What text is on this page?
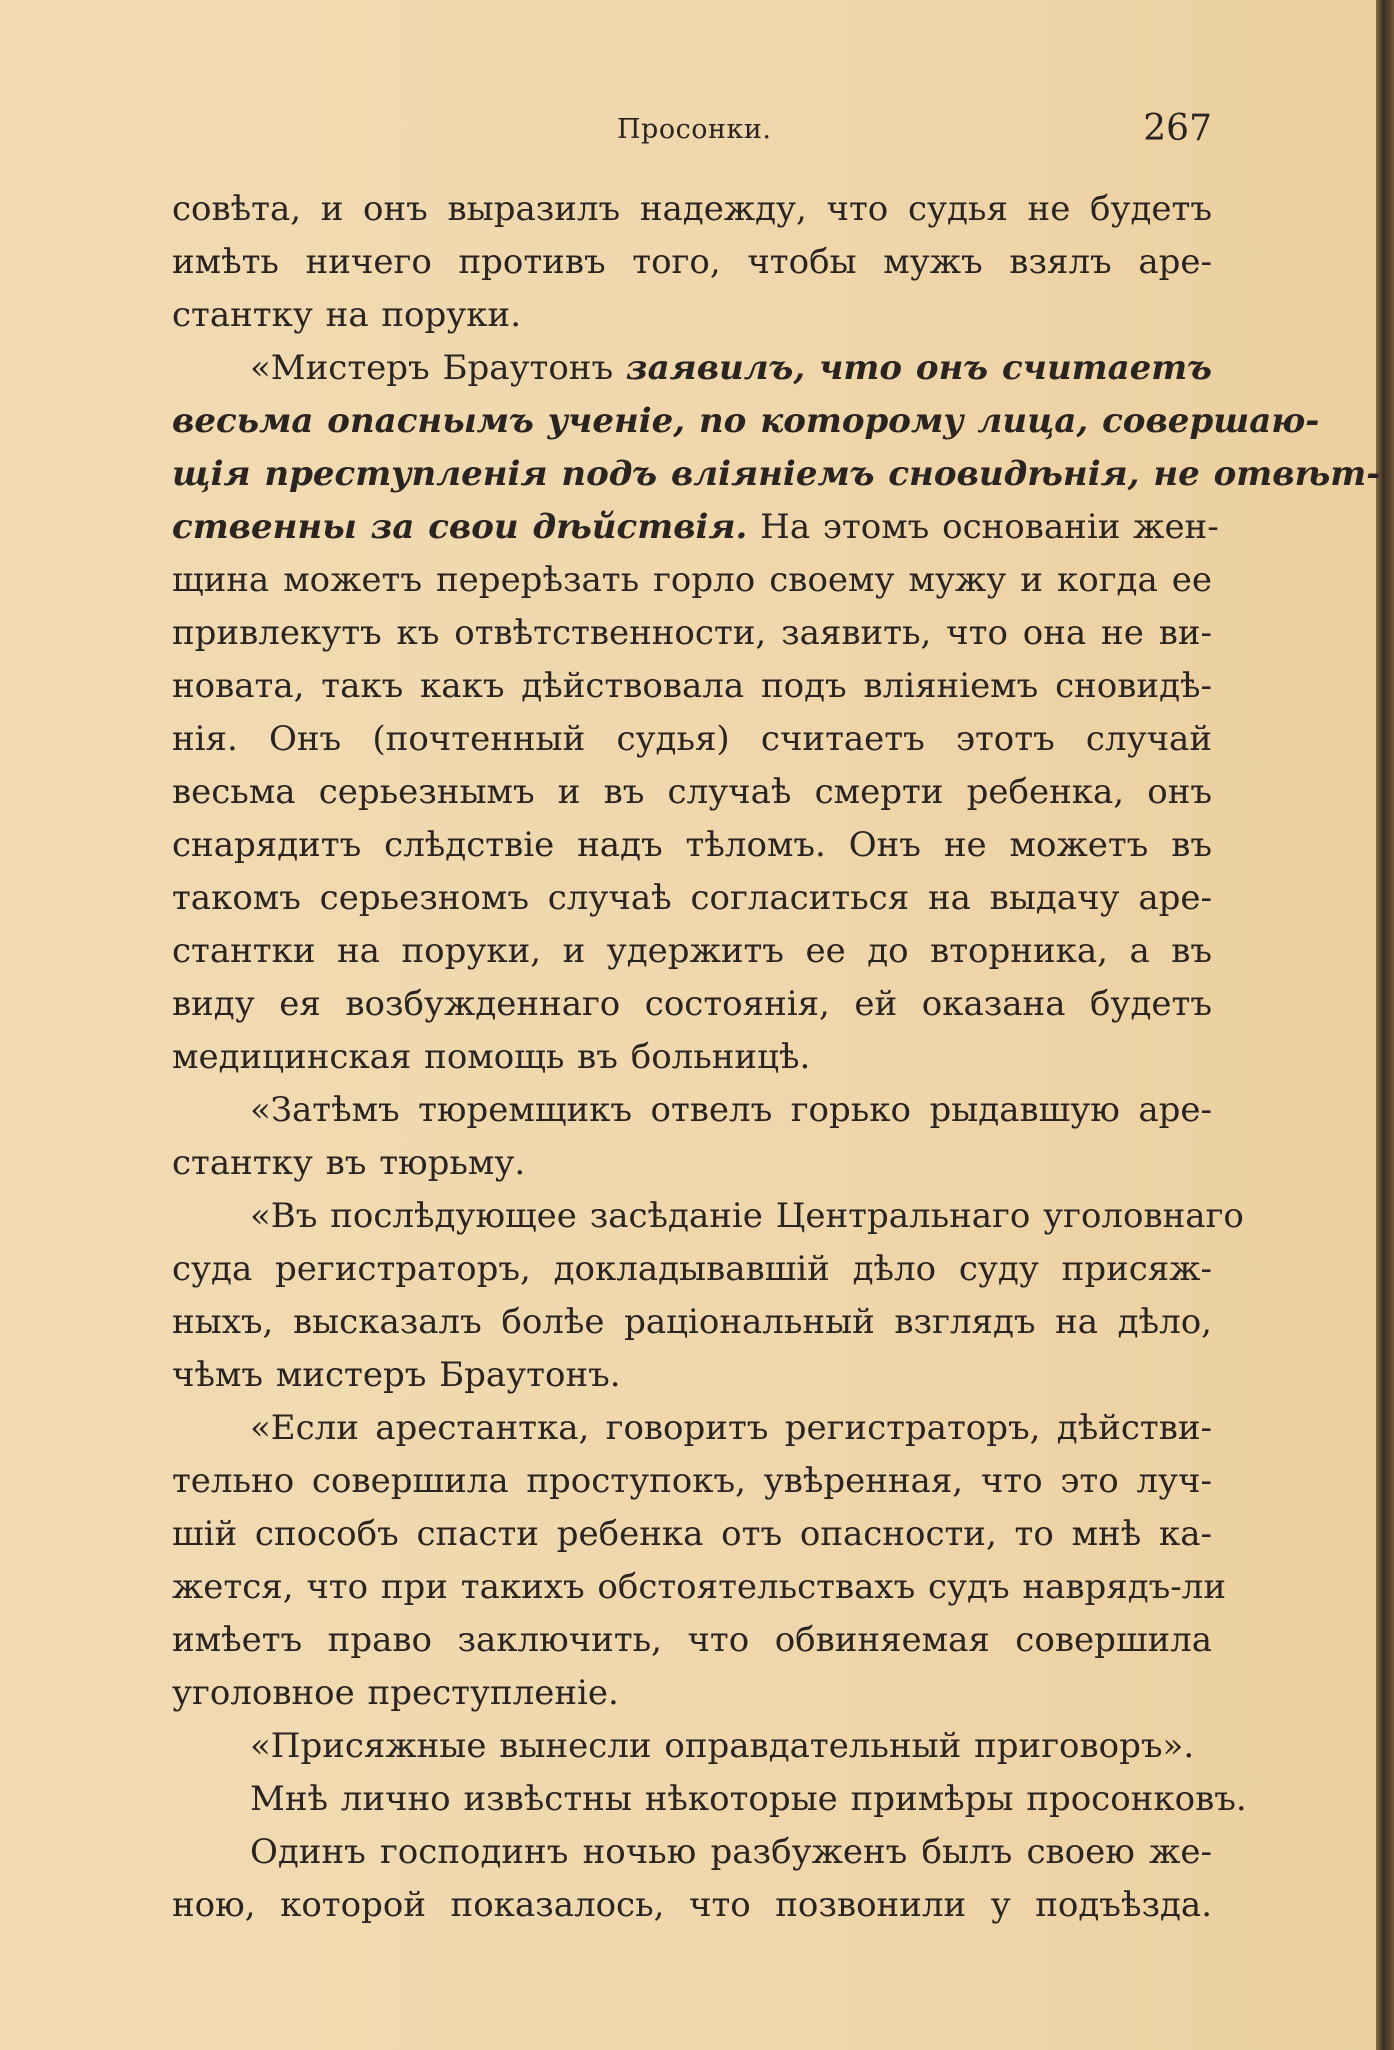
Просонки.	267
совѣта, и онъ выразилъ надежду, что судья не будетъ
имѣть ничего противъ того, чтобы мужъ взялъ аре-
стантку на поруки.
«Мистеръ Браутонъ заявилъ, что онъ считаетъ
весьма опаснымъ ученіе, по которому лица, совершаю-
щія преступленія подъ вліяніемъ сновидѣнія, не отвѣт-
ственны за свои дѣйствія. На этомъ основаніи жен-
щина можетъ перерѣзать горло своему мужу и когда ее
привлекутъ къ отвѣтственности, заявить, что она не ви-
новата, такъ какъ дѣйствовала подъ вліяніемъ сновидѣ-
нія. Онъ (почтенный судья) считаетъ этотъ случай
весьма серьезнымъ и въ случаѣ смерти ребенка, онъ
снарядитъ слѣдствіе надъ тѣломъ. Онъ не можетъ въ
такомъ серьезномъ случаѣ согласиться на выдачу аре-
стантки на поруки, и удержитъ ее до вторника, а въ
виду ея возбужденнаго состоянія, ей оказана будетъ
медицинская помощь въ больницѣ.
«Затѣмъ тюремщикъ отвелъ горько рыдавшую аре-
стантку въ тюрьму.
«Въ послѣдующее засѣданіе Центральнаго уголовнаго
суда регистраторъ, докладывавшій дѣло суду присяж-
ныхъ, высказалъ болѣе раціональный взглядъ на дѣло,
чѣмъ мистеръ Браутонъ.
«Если арестантка, говоритъ регистраторъ, дѣйстви-
тельно совершила проступокъ, увѣренная, что это луч-
шій способъ спасти ребенка отъ опасности, то мнѣ ка-
жется, что при такихъ обстоятельствахъ судъ наврядъ-ли
имѣетъ право заключить, что обвиняемая совершила
уголовное преступленіе.
«Присяжные вынесли оправдательный приговоръ».
Мнѣ лично извѣстны нѣкоторые примѣры просонковъ.
Одинъ господинъ ночью разбуженъ былъ своею же-
ною, которой показалось, что позвонили у подъѣзда.
